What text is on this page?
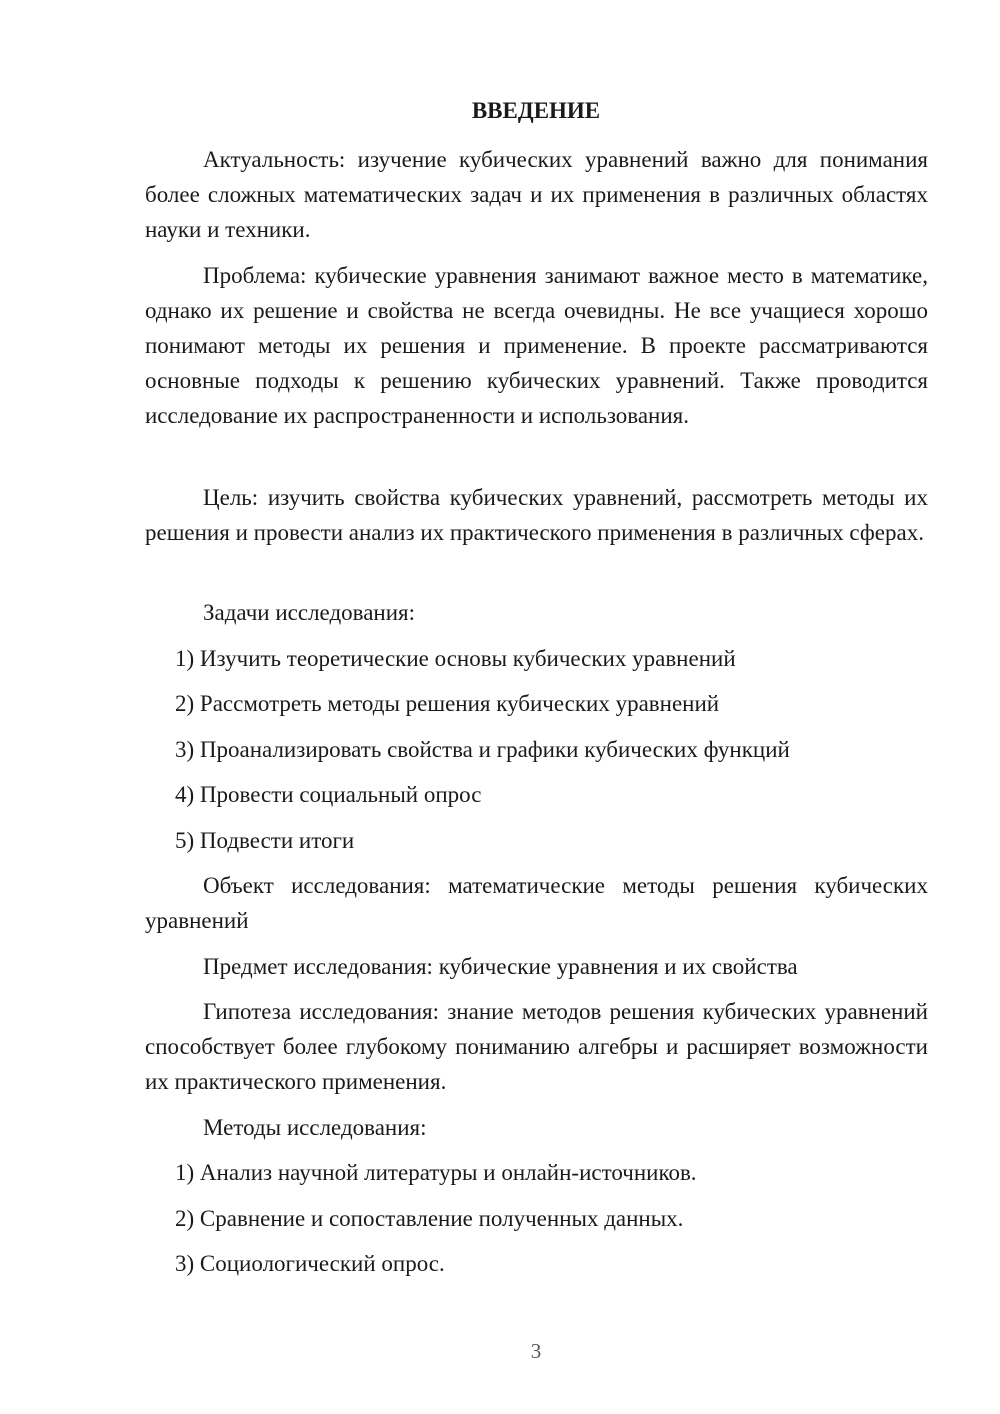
ВВЕДЕНИЕ

Актуальность: изучение кубических уравнений важно для понимания более сложных математических задач и их применения в различных областях науки и техники.

Проблема: кубические уравнения занимают важное место в математике, однако их решение и свойства не всегда очевидны. Не все учащиеся хорошо понимают методы их решения и применение. В проекте рассматриваются основные подходы к решению кубических уравнений. Также проводится исследование их распространенности и использования.

Цель: изучить свойства кубических уравнений, рассмотреть методы их решения и провести анализ их практического применения в различных сферах.

Задачи исследования:

1) Изучить теоретические основы кубических уравнений

2) Рассмотреть методы решения кубических уравнений

3) Проанализировать свойства и графики кубических функций

4) Провести социальный опрос

5) Подвести итоги

Объект исследования: математические методы решения кубических уравнений

Предмет исследования: кубические уравнения и их свойства

Гипотеза исследования: знание методов решения кубических уравнений способствует более глубокому пониманию алгебры и расширяет возможности их практического применения.

Методы исследования:

1) Анализ научной литературы и онлайн-источников.

2) Сравнение и сопоставление полученных данных.

3) Социологический опрос.

3
